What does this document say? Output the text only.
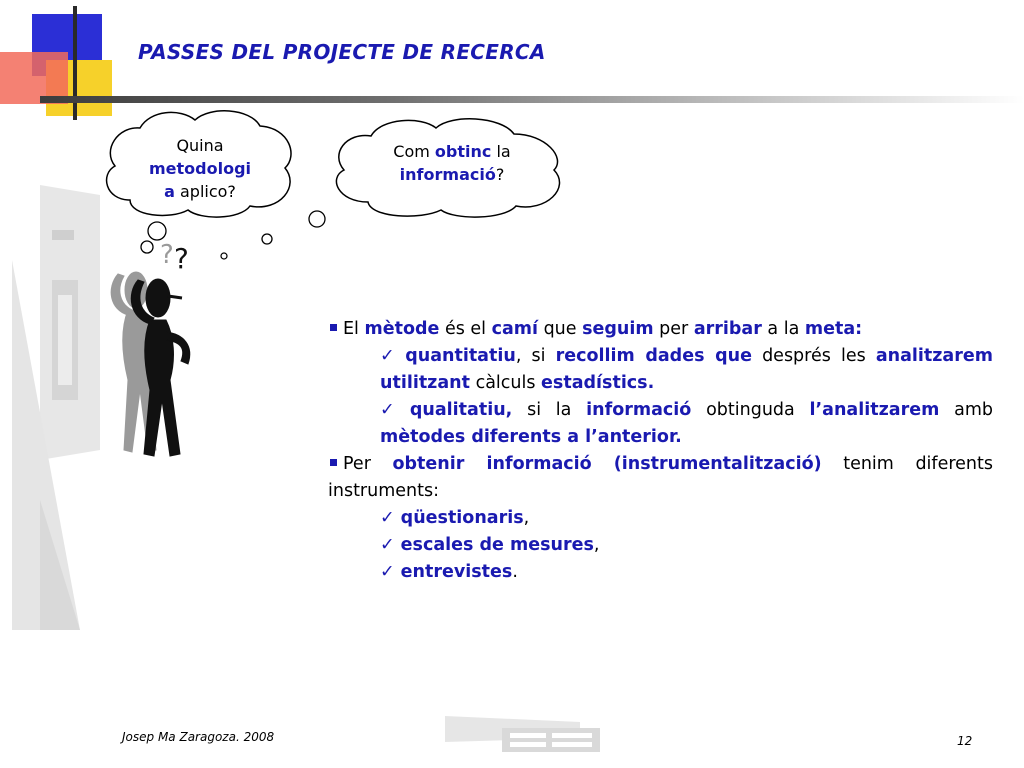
PASSES DEL PROJECTE DE RECERCA
Quina
metodologi
a aplico?
Com obtinc la
informació?
? ?

El mètode és el camí que seguim per arribar a la meta:

✓ quantitatiu, si recollim dades que després les analitzarem utilitzant càlculs estadístics.

✓ qualitatiu, si la informació obtinguda l’analitzarem amb mètodes diferents a l’anterior.

Per obtenir informació (instrumentalització) tenim diferents instruments:

✓ qüestionaris,

✓ escales de mesures,

✓ entrevistes.

Josep Ma Zaragoza. 2008	12
